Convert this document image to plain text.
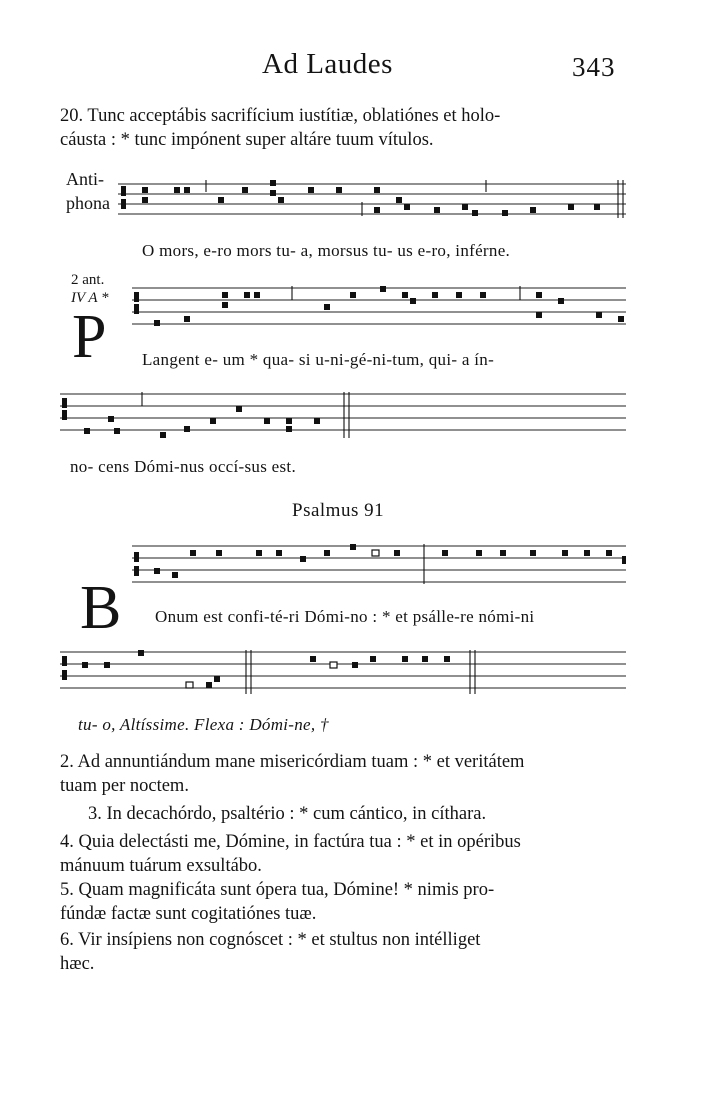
Ad Laudes	343
20. Tunc acceptábis sacrifícium iustítiæ, oblatiónes et holo-
cáusta : * tunc impónent super altáre tuum vítulos.
Anti-
phona
O mors, e-ro mors tu- a, morsus tu- us e-ro, inférne.
2 ant.
IV A *
P Langent e- um * qua- si u-ni-gé-ni-tum, qui- a ín-
no- cens Dómi-nus occí-sus est.
Psalmus 91
B Onum est confi-té-ri Dómi-no : * et psálle-re nómi-ni
tu- o, Altíssime. Flexa : Dómi-ne, †
2. Ad annuntiándum mane misericórdiam tuam : * et veritátem
tuam per noctem.
3. In decachórdo, psaltério : * cum cántico, in cíthara.
4. Quia delectásti me, Dómine, in factúra tua : * et in opéribus
mánuum tuárum exsultábo.
5. Quam magnificáta sunt ópera tua, Dómine! * nimis pro-
fúndæ factæ sunt cogitatiónes tuæ.
6. Vir insípiens non cognóscet : * et stultus non intélliget
hæc.
